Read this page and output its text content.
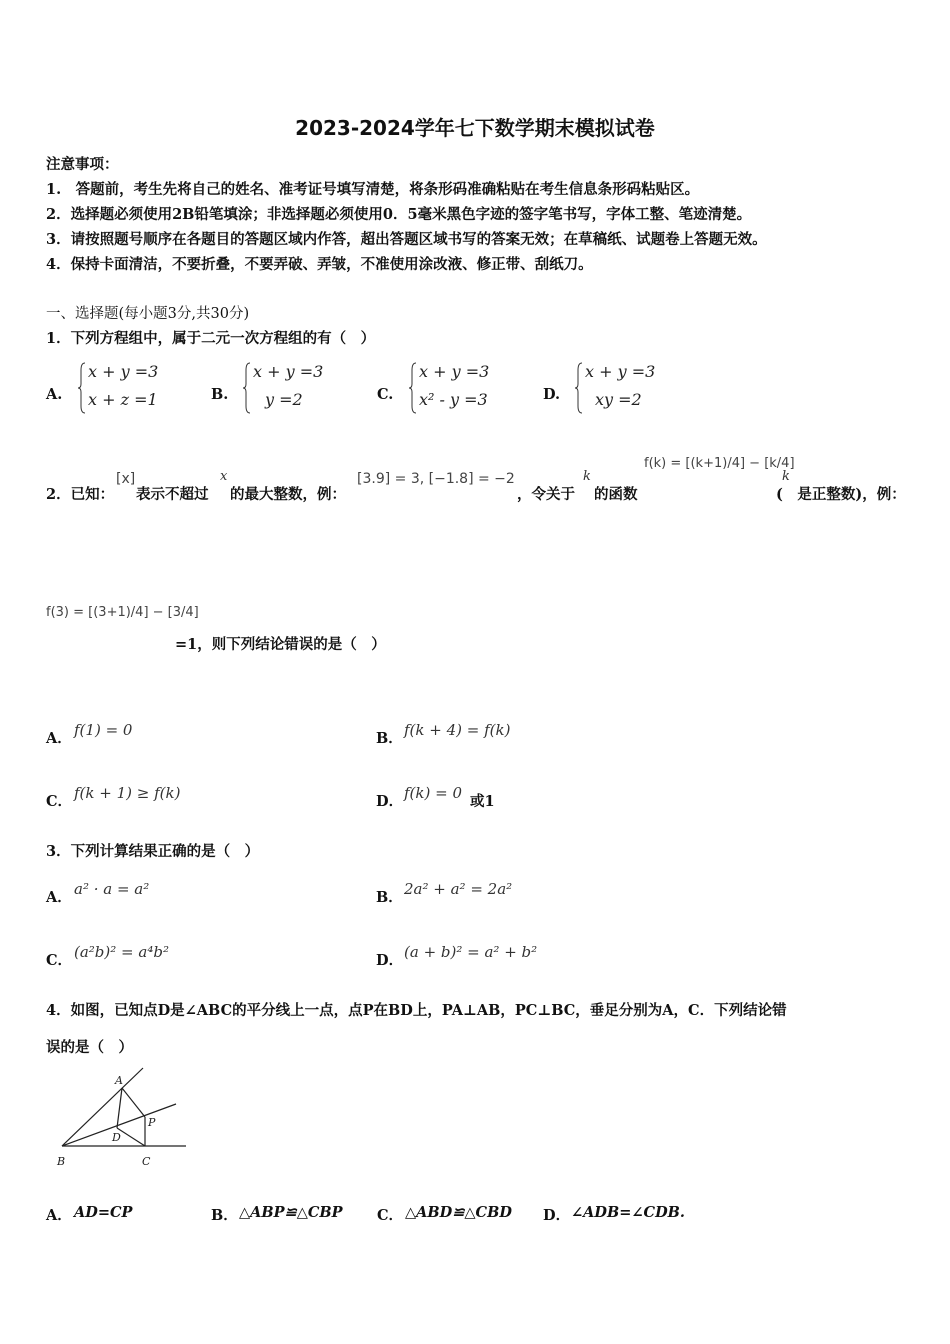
2023-2024学年七下数学期末模拟试卷
注意事项：
1.　答题前，考生先将自己的姓名、准考证号填写清楚，将条形码准确粘贴在考生信息条形码粘贴区。
2．选择题必须使用2B铅笔填涂；非选择题必须使用0．5毫米黑色字迹的签字笔书写，字体工整、笔迹清楚。
3．请按照题号顺序在各题目的答题区域内作答，超出答题区域书写的答案无效；在草稿纸、试题卷上答题无效。
4．保持卡面清洁，不要折叠，不要弄破、弄皱，不准使用涂改液、修正带、刮纸刀。
一、选择题(每小题3分,共30分)
1．下列方程组中，属于二元一次方程组的有（　）
A.
x + y =3
x + z =1	B.
x + y =3
y =2	C.
x + y =3
x² - y =3	D.
x + y =3
xy =2
2．已知：
[x]
表示不超过
x
的最大整数，例：
[3.9] = 3, [−1.8] = −2
，令关于
k
的函数
f(k) = [(k+1)/4] − [k/4]
k
(　是正整数)，例：
f(3) = [(3+1)/4] − [3/4]
=1，则下列结论错误的是（　）
A． f(1) = 0	B． f(k + 4) = f(k)
C． f(k + 1) ≥ f(k)	D． f(k) = 0 或1
3．下列计算结果正确的是（　）
A． a² · a = a²	B． 2a² + a² = 2a²
C． (a²b)² = a⁴b²	D． (a + b)² = a² + b²
4．如图，已知点D是∠ABC的平分线上一点，点P在BD上，PA⊥AB，PC⊥BC，垂足分别为A，C．下列结论错
误的是（　）
A
B	C
D
P
A． AD=CP	B． △ABP≌△CBP C． △ABD≌△CBD D． ∠ADB=∠CDB.
